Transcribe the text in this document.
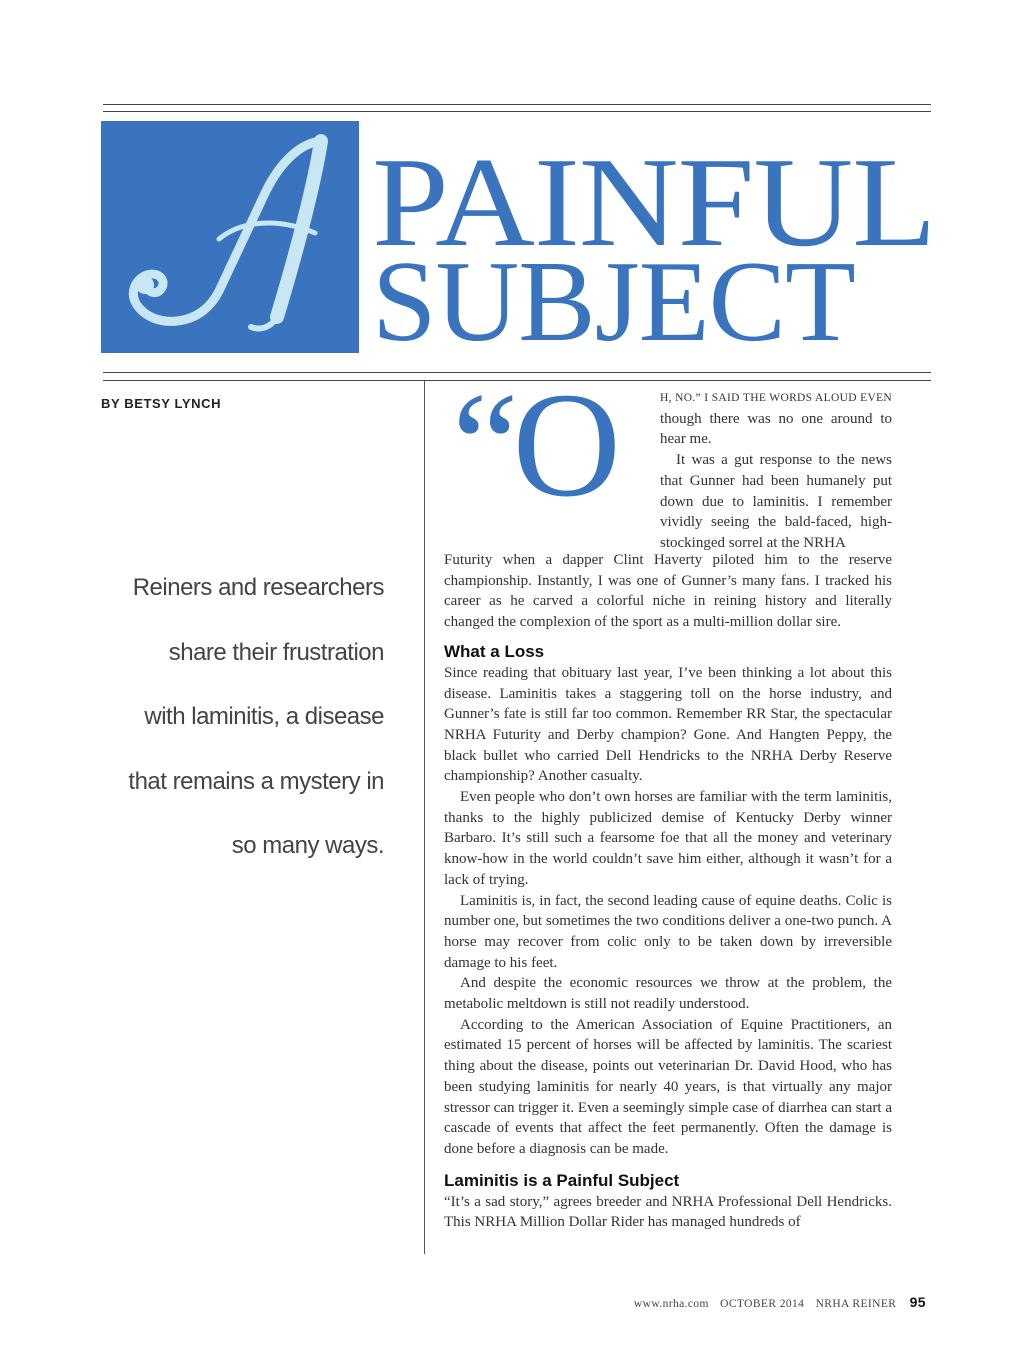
A
PAINFUL
SUBJECT
BY BETSY LYNCH
Reiners and researchers
share their frustration
with laminitis, a disease
that remains a mystery in
so many ways.
“O	H, NO.” I SAID THE WORDS ALOUD EVEN though there was no one around to hear me.

It was a gut response to the news that Gunner had been humanely put down due to laminitis. I remember vividly seeing the bald-faced, high-stockinged sorrel at the NRHA

Futurity when a dapper Clint Haverty piloted him to the reserve championship. Instantly, I was one of Gunner’s many fans. I tracked his career as he carved a colorful niche in reining history and literally changed the complexion of the sport as a multi-million dollar sire.

What a Loss

Since reading that obituary last year, I’ve been thinking a lot about this disease. Laminitis takes a staggering toll on the horse industry, and Gunner’s fate is still far too common. Remember RR Star, the spectacular NRHA Futurity and Derby champion? Gone. And Hangten Peppy, the black bullet who carried Dell Hendricks to the NRHA Derby Reserve championship? Another casualty.

Even people who don’t own horses are familiar with the term laminitis, thanks to the highly publicized demise of Kentucky Derby winner Barbaro. It’s still such a fearsome foe that all the money and veterinary know-how in the world couldn’t save him either, although it wasn’t for a lack of trying.

Laminitis is, in fact, the second leading cause of equine deaths. Colic is number one, but sometimes the two conditions deliver a one-two punch. A horse may recover from colic only to be taken down by irreversible damage to his feet.

And despite the economic resources we throw at the problem, the metabolic meltdown is still not readily understood.

According to the American Association of Equine Practitioners, an estimated 15 percent of horses will be affected by laminitis. The scariest thing about the disease, points out veterinarian Dr. David Hood, who has been studying laminitis for nearly 40 years, is that virtually any major stressor can trigger it. Even a seemingly simple case of diarrhea can start a cascade of events that affect the feet permanently. Often the damage is done before a diagnosis can be made.

Laminitis is a Painful Subject

“It’s a sad story,” agrees breeder and NRHA Professional Dell Hendricks. This NRHA Million Dollar Rider has managed hundreds of

www.nrha.com OCTOBER 2014 NRHA REINER 95
